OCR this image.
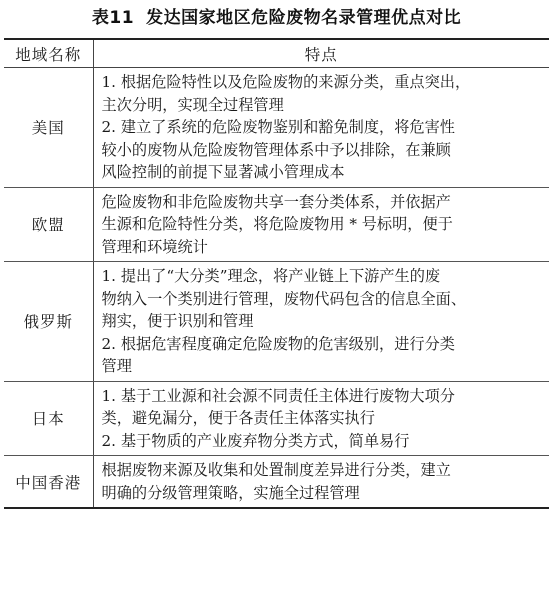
表11 发达国家地区危险废物名录管理优点对比
地域名称	特点
美国	1. 根据危险特性以及危险废物的来源分类，重点突出，
主次分明，实现全过程管理
2. 建立了系统的危险废物鉴别和豁免制度，将危害性
较小的废物从危险废物管理体系中予以排除，在兼顾
风险控制的前提下显著减小管理成本

欧盟	危险废物和非危险废物共享一套分类体系，并依据产
生源和危险特性分类，将危险废物用 * 号标明，便于
管理和环境统计

俄罗斯	1. 提出了“大分类”理念，将产业链上下游产生的废
物纳入一个类别进行管理，废物代码包含的信息全面、
翔实，便于识别和管理
2. 根据危害程度确定危险废物的危害级别，进行分类
管理

日本	1. 基于工业源和社会源不同责任主体进行废物大项分
类，避免漏分，便于各责任主体落实执行
2. 基于物质的产业废弃物分类方式，简单易行

中国香港	根据废物来源及收集和处置制度差异进行分类，建立
明确的分级管理策略，实施全过程管理
